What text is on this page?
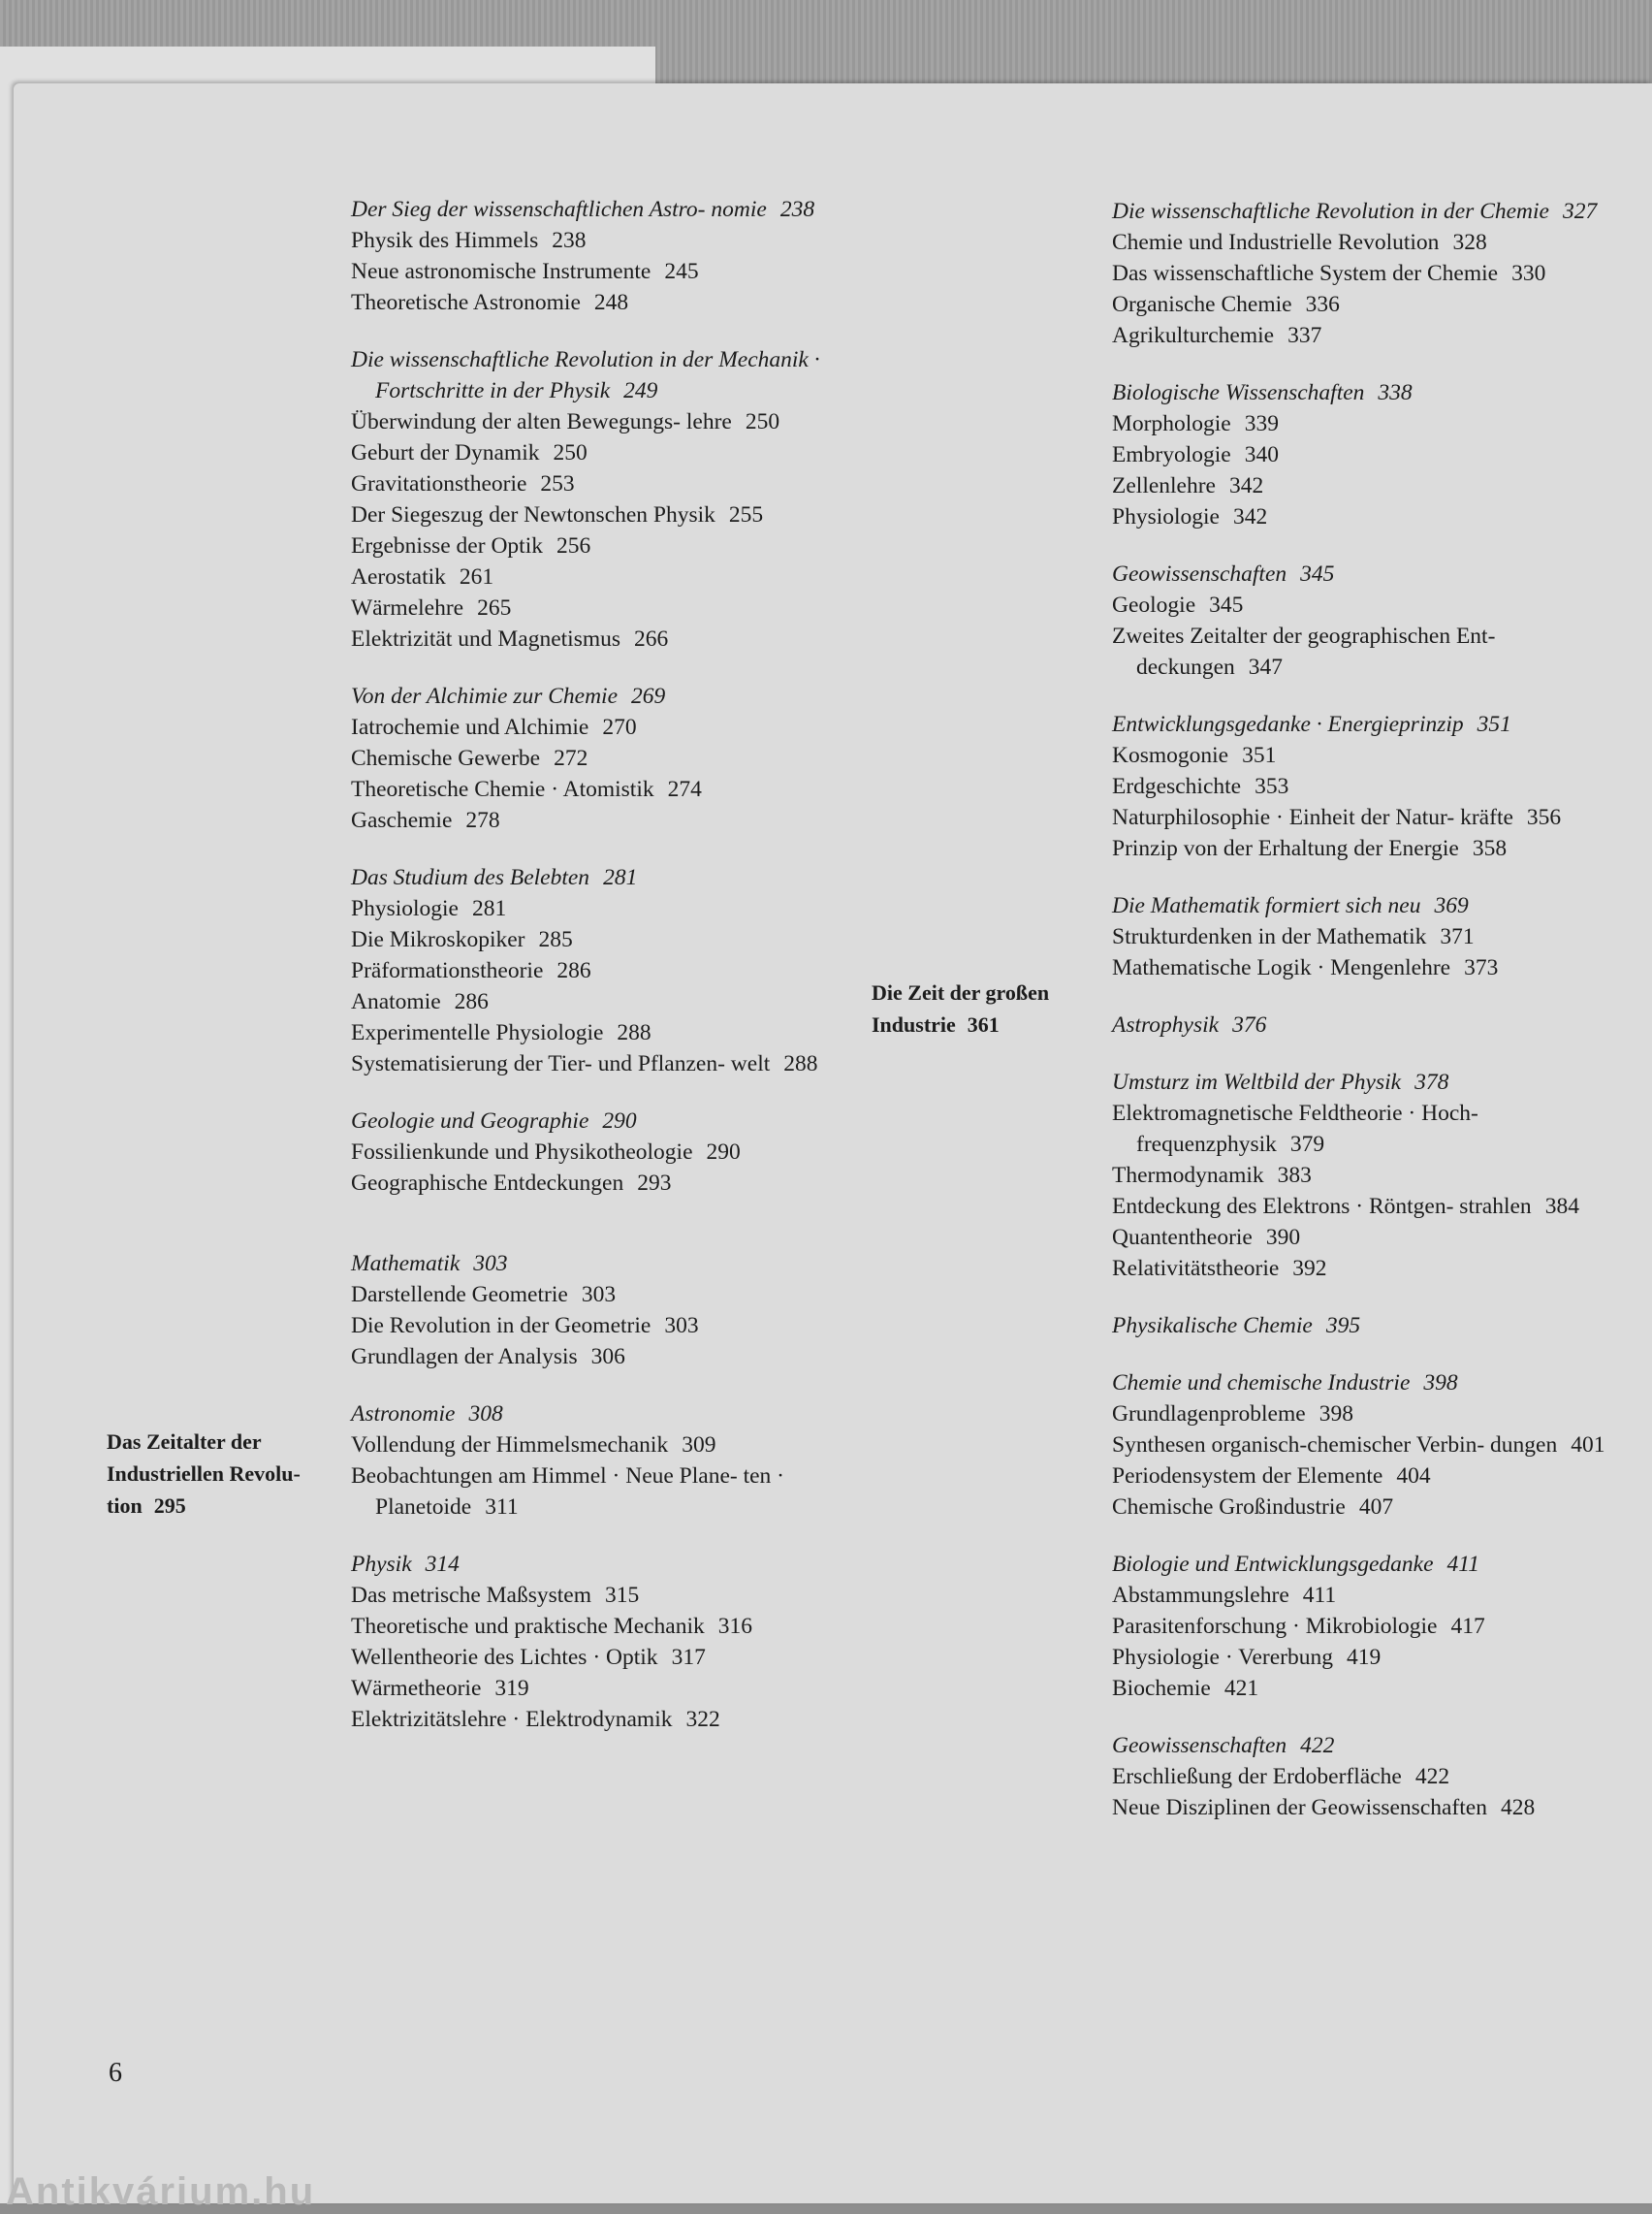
Der Sieg der wissenschaftlichen Astro- nomie 238
Physik des Himmels 238
Neue astronomische Instrumente 245
Theoretische Astronomie 248
Die wissenschaftliche Revolution in der Mechanik · Fortschritte in der Physik 249
Überwindung der alten Bewegungs- lehre 250
Geburt der Dynamik 250
Gravitationstheorie 253
Der Siegeszug der Newtonschen Physik 255
Ergebnisse der Optik 256
Aerostatik 261
Wärmelehre 265
Elektrizität und Magnetismus 266
Von der Alchimie zur Chemie 269
Iatrochemie und Alchimie 270
Chemische Gewerbe 272
Theoretische Chemie · Atomistik 274
Gaschemie 278
Das Studium des Belebten 281
Physiologie 281
Die Mikroskopiker 285
Präformationstheorie 286
Anatomie 286
Experimentelle Physiologie 288
Systematisierung der Tier- und Pflanzen- welt 288
Geologie und Geographie 290
Fossilienkunde und Physikotheologie 290
Geographische Entdeckungen 293
Mathematik 303
Darstellende Geometrie 303
Die Revolution in der Geometrie 303
Grundlagen der Analysis 306
Astronomie 308
Vollendung der Himmelsmechanik 309
Beobachtungen am Himmel · Neue Plane- ten · Planetoide 311
Physik 314
Das metrische Maßsystem 315
Theoretische und praktische Mechanik 316
Wellentheorie des Lichtes · Optik 317
Wärmetheorie 319
Elektrizitätslehre · Elektrodynamik 322
Die wissenschaftliche Revolution in der Chemie 327
Chemie und Industrielle Revolution 328
Das wissenschaftliche System der Chemie 330
Organische Chemie 336
Agrikulturchemie 337
Biologische Wissenschaften 338
Morphologie 339
Embryologie 340
Zellenlehre 342
Physiologie 342
Geowissenschaften 345
Geologie 345
Zweites Zeitalter der geographischen Ent- deckungen 347
Entwicklungsgedanke · Energieprinzip 351
Kosmogonie 351
Erdgeschichte 353
Naturphilosophie · Einheit der Natur- kräfte 356
Prinzip von der Erhaltung der Energie 358
Die Mathematik formiert sich neu 369
Strukturdenken in der Mathematik 371
Mathematische Logik · Mengenlehre 373
Astrophysik 376
Umsturz im Weltbild der Physik 378
Elektromagnetische Feldtheorie · Hoch- frequenzphysik 379
Thermodynamik 383
Entdeckung des Elektrons · Röntgen- strahlen 384
Quantentheorie 390
Relativitätstheorie 392
Physikalische Chemie 395
Chemie und chemische Industrie 398
Grundlagenprobleme 398
Synthesen organisch-chemischer Verbin- dungen 401
Periodensystem der Elemente 404
Chemische Großindustrie 407
Biologie und Entwicklungsgedanke 411
Abstammungslehre 411
Parasitenforschung · Mikrobiologie 417
Physiologie · Vererbung 419
Biochemie 421
Geowissenschaften 422
Erschließung der Erdoberfläche 422
Neue Disziplinen der Geowissenschaften 428
Das Zeitalter der Industriellen Revolu- tion 295
Die Zeit der großen Industrie 361
6
Antikvárium.hu
